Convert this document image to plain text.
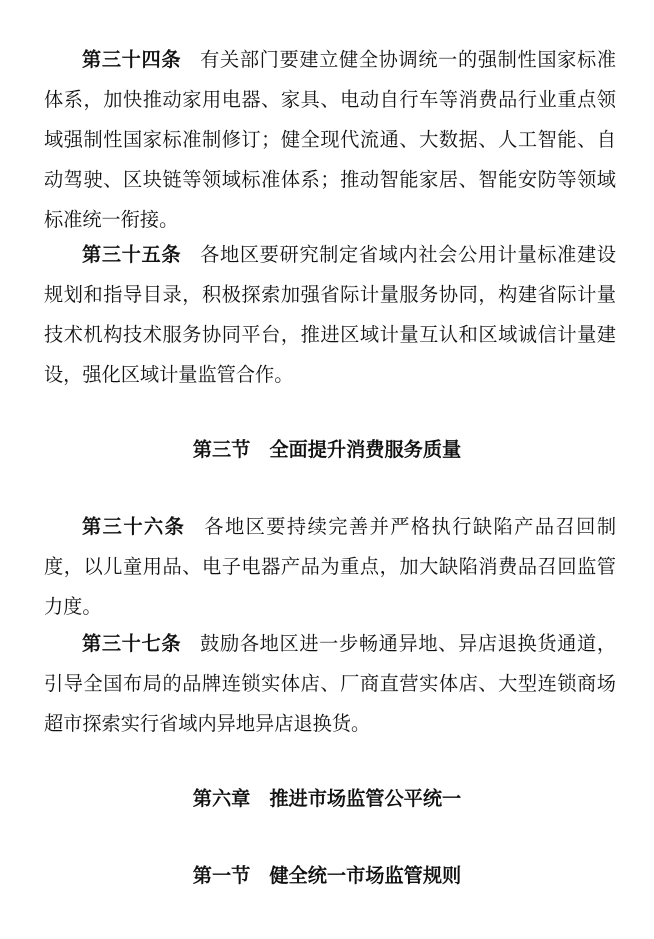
第三十四条 有关部门要建立健全协调统一的强制性国家标准体系，加快推动家用电器、家具、电动自行车等消费品行业重点领域强制性国家标准制修订；健全现代流通、大数据、人工智能、自动驾驶、区块链等领域标准体系；推动智能家居、智能安防等领域标准统一衔接。

第三十五条 各地区要研究制定省域内社会公用计量标准建设规划和指导目录，积极探索加强省际计量服务协同，构建省际计量技术机构技术服务协同平台，推进区域计量互认和区域诚信计量建设，强化区域计量监管合作。

第三节 全面提升消费服务质量

第三十六条 各地区要持续完善并严格执行缺陷产品召回制度，以儿童用品、电子电器产品为重点，加大缺陷消费品召回监管力度。

第三十七条 鼓励各地区进一步畅通异地、异店退换货通道，引导全国布局的品牌连锁实体店、厂商直营实体店、大型连锁商场超市探索实行省域内异地异店退换货。

第六章 推进市场监管公平统一
第一节 健全统一市场监管规则
